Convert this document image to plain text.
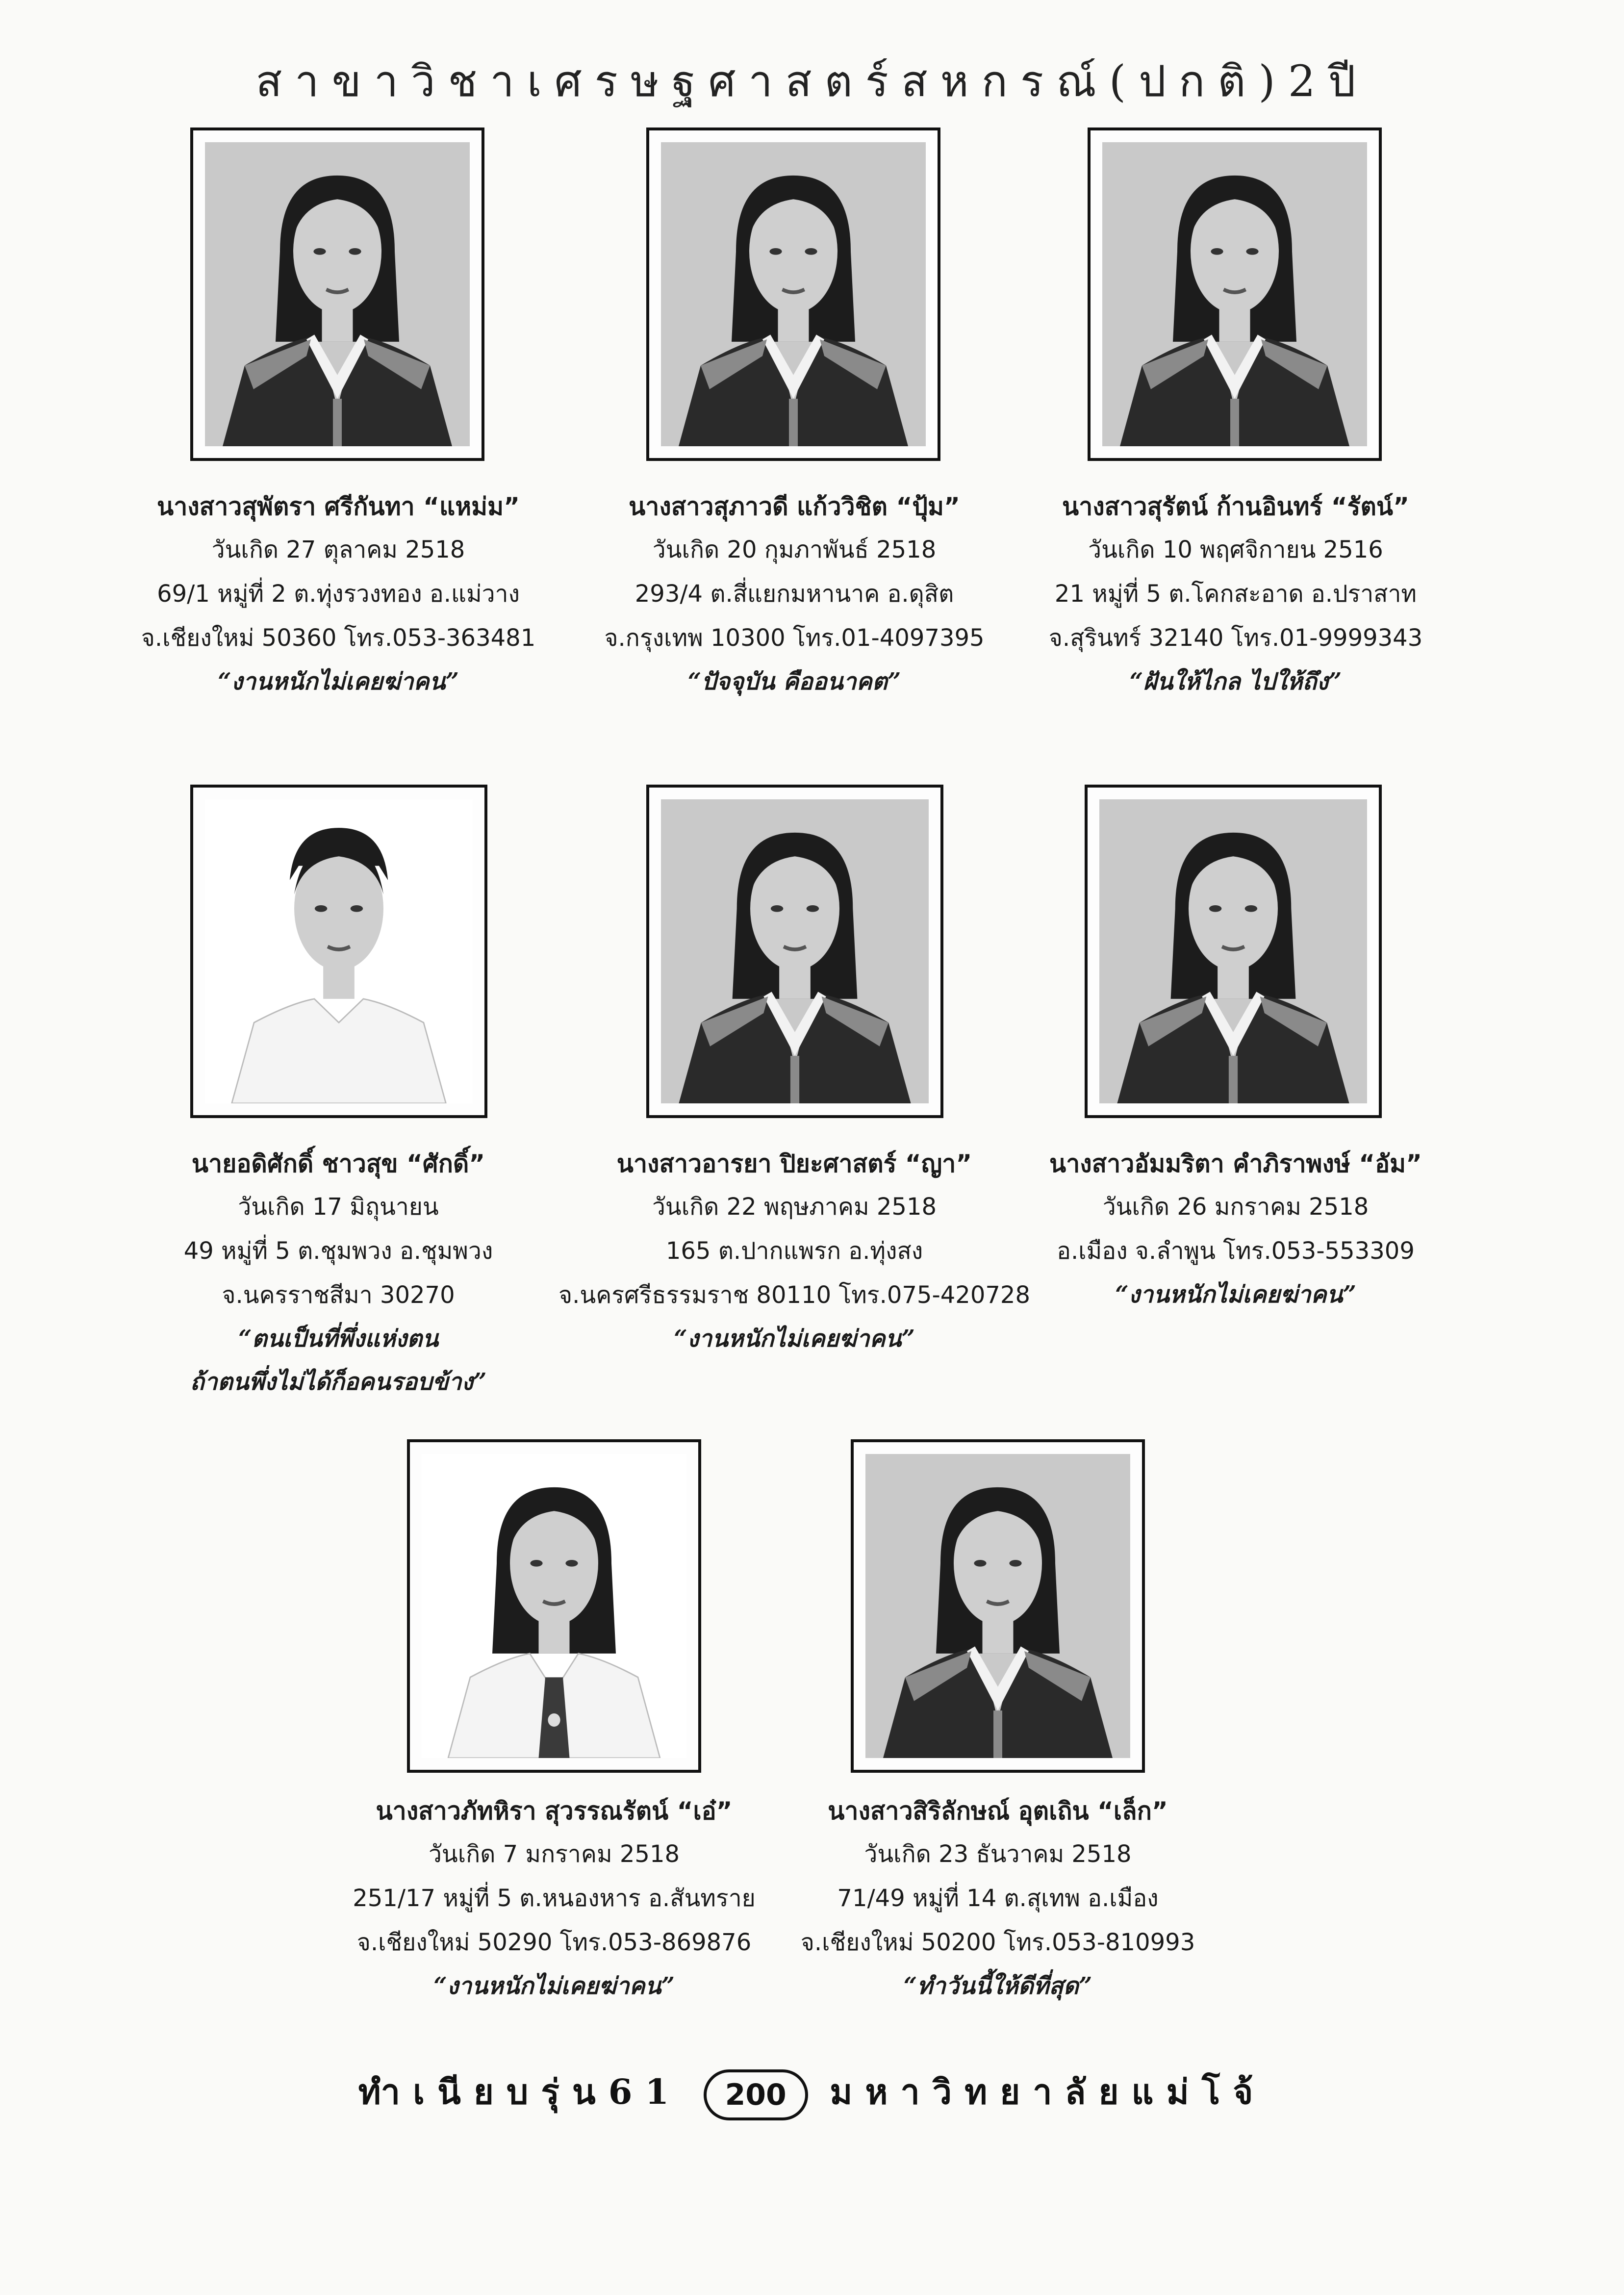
สาขาวิชาเศรษฐศาสตร์สหกรณ์(ปกติ)2ปี
นางสาวสุพัตรา ศรีกันทา “แหม่ม”
วันเกิด 27 ตุลาคม 2518
69/1 หมู่ที่ 2 ต.ทุ่งรวงทอง อ.แม่วาง
จ.เชียงใหม่ 50360 โทร.053-363481
“งานหนักไม่เคยฆ่าคน”
นางสาวสุภาวดี แก้ววิชิต “ปุ้ม”
วันเกิด 20 กุมภาพันธ์ 2518
293/4 ต.สี่แยกมหานาค อ.ดุสิต
จ.กรุงเทพ 10300 โทร.01-4097395
“ปัจจุบัน คืออนาคต”
นางสาวสุรัตน์ ก้านอินทร์ “รัตน์”
วันเกิด 10 พฤศจิกายน 2516
21 หมู่ที่ 5 ต.โคกสะอาด อ.ปราสาท
จ.สุรินทร์ 32140 โทร.01-9999343
“ฝันให้ไกล ไปให้ถึง”
นายอดิศักดิ์ ชาวสุข “ศักดิ์”
วันเกิด 17 มิถุนายน
49 หมู่ที่ 5 ต.ชุมพวง อ.ชุมพวง
จ.นครราชสีมา 30270
“ตนเป็นที่พึ่งแห่งตน
ถ้าตนพึ่งไม่ได้ก็อคนรอบข้าง”
นางสาวอารยา ปิยะศาสตร์ “ญา”
วันเกิด 22 พฤษภาคม 2518
165 ต.ปากแพรก อ.ทุ่งสง
จ.นครศรีธรรมราช 80110 โทร.075-420728
“งานหนักไม่เคยฆ่าคน”
นางสาวอัมมริตา คำภิราพงษ์ “อัม”
วันเกิด 26 มกราคม 2518
อ.เมือง จ.ลำพูน โทร.053-553309
“งานหนักไม่เคยฆ่าคน”
นางสาวภัทหิรา สุวรรณรัตน์ “เอ๋”
วันเกิด 7 มกราคม 2518
251/17 หมู่ที่ 5 ต.หนองหาร อ.สันทราย
จ.เชียงใหม่ 50290 โทร.053-869876
“งานหนักไม่เคยฆ่าคน”
นางสาวสิริลักษณ์ อุตเถิน “เล็ก”
วันเกิด 23 ธันวาคม 2518
71/49 หมู่ที่ 14 ต.สุเทพ อ.เมือง
จ.เชียงใหม่ 50200 โทร.053-810993
“ทำวันนี้ให้ดีที่สุด”
ทำเนียบรุ่น61 200 มหาวิทยาลัยแม่โจ้
